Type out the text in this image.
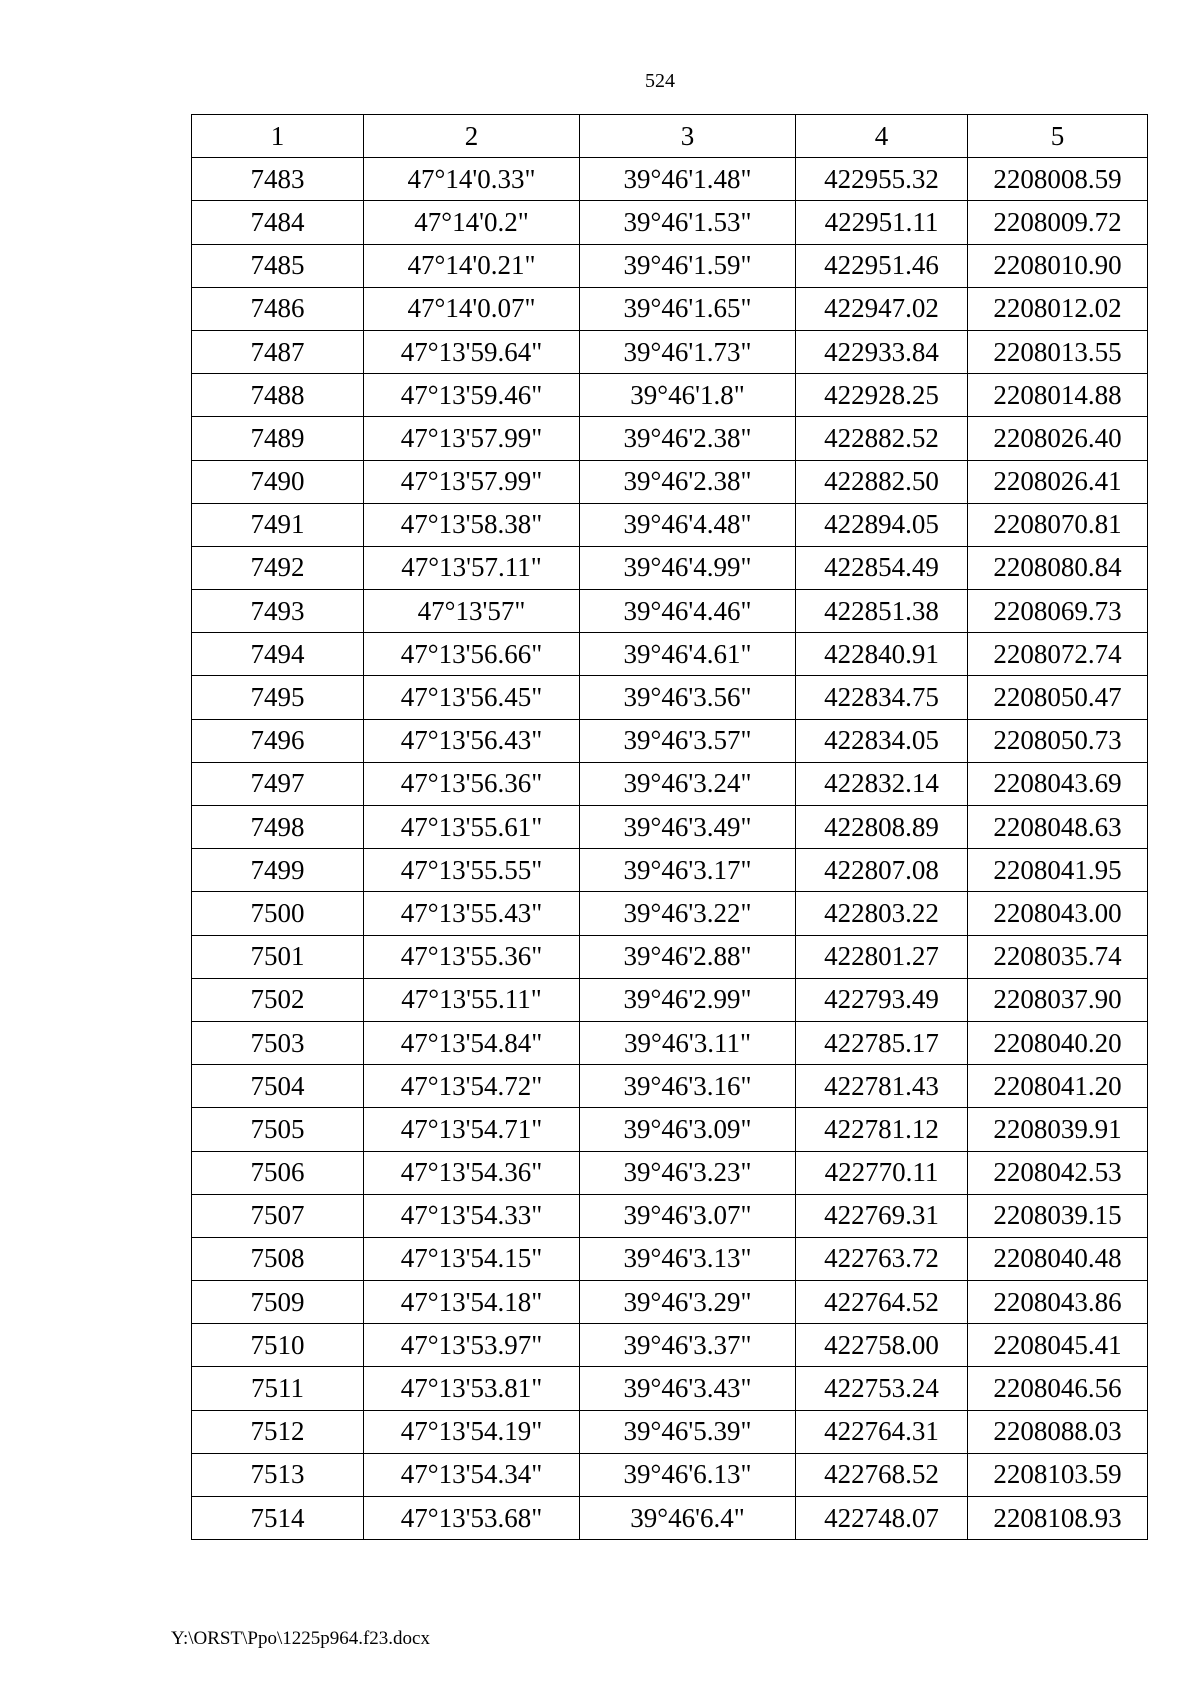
524
1	2	3	4	5
7483	47°14'0.33"	39°46'1.48"	422955.32	2208008.59
7484	47°14'0.2"	39°46'1.53"	422951.11	2208009.72
7485	47°14'0.21"	39°46'1.59"	422951.46	2208010.90
7486	47°14'0.07"	39°46'1.65"	422947.02	2208012.02
7487	47°13'59.64"	39°46'1.73"	422933.84	2208013.55
7488	47°13'59.46"	39°46'1.8"	422928.25	2208014.88
7489	47°13'57.99"	39°46'2.38"	422882.52	2208026.40
7490	47°13'57.99"	39°46'2.38"	422882.50	2208026.41
7491	47°13'58.38"	39°46'4.48"	422894.05	2208070.81
7492	47°13'57.11"	39°46'4.99"	422854.49	2208080.84
7493	47°13'57"	39°46'4.46"	422851.38	2208069.73
7494	47°13'56.66"	39°46'4.61"	422840.91	2208072.74
7495	47°13'56.45"	39°46'3.56"	422834.75	2208050.47
7496	47°13'56.43"	39°46'3.57"	422834.05	2208050.73
7497	47°13'56.36"	39°46'3.24"	422832.14	2208043.69
7498	47°13'55.61"	39°46'3.49"	422808.89	2208048.63
7499	47°13'55.55"	39°46'3.17"	422807.08	2208041.95
7500	47°13'55.43"	39°46'3.22"	422803.22	2208043.00
7501	47°13'55.36"	39°46'2.88"	422801.27	2208035.74
7502	47°13'55.11"	39°46'2.99"	422793.49	2208037.90
7503	47°13'54.84"	39°46'3.11"	422785.17	2208040.20
7504	47°13'54.72"	39°46'3.16"	422781.43	2208041.20
7505	47°13'54.71"	39°46'3.09"	422781.12	2208039.91
7506	47°13'54.36"	39°46'3.23"	422770.11	2208042.53
7507	47°13'54.33"	39°46'3.07"	422769.31	2208039.15
7508	47°13'54.15"	39°46'3.13"	422763.72	2208040.48
7509	47°13'54.18"	39°46'3.29"	422764.52	2208043.86
7510	47°13'53.97"	39°46'3.37"	422758.00	2208045.41
7511	47°13'53.81"	39°46'3.43"	422753.24	2208046.56
7512	47°13'54.19"	39°46'5.39"	422764.31	2208088.03
7513	47°13'54.34"	39°46'6.13"	422768.52	2208103.59
7514	47°13'53.68"	39°46'6.4"	422748.07	2208108.93
Y:\ORST\Ppo\1225p964.f23.docx
